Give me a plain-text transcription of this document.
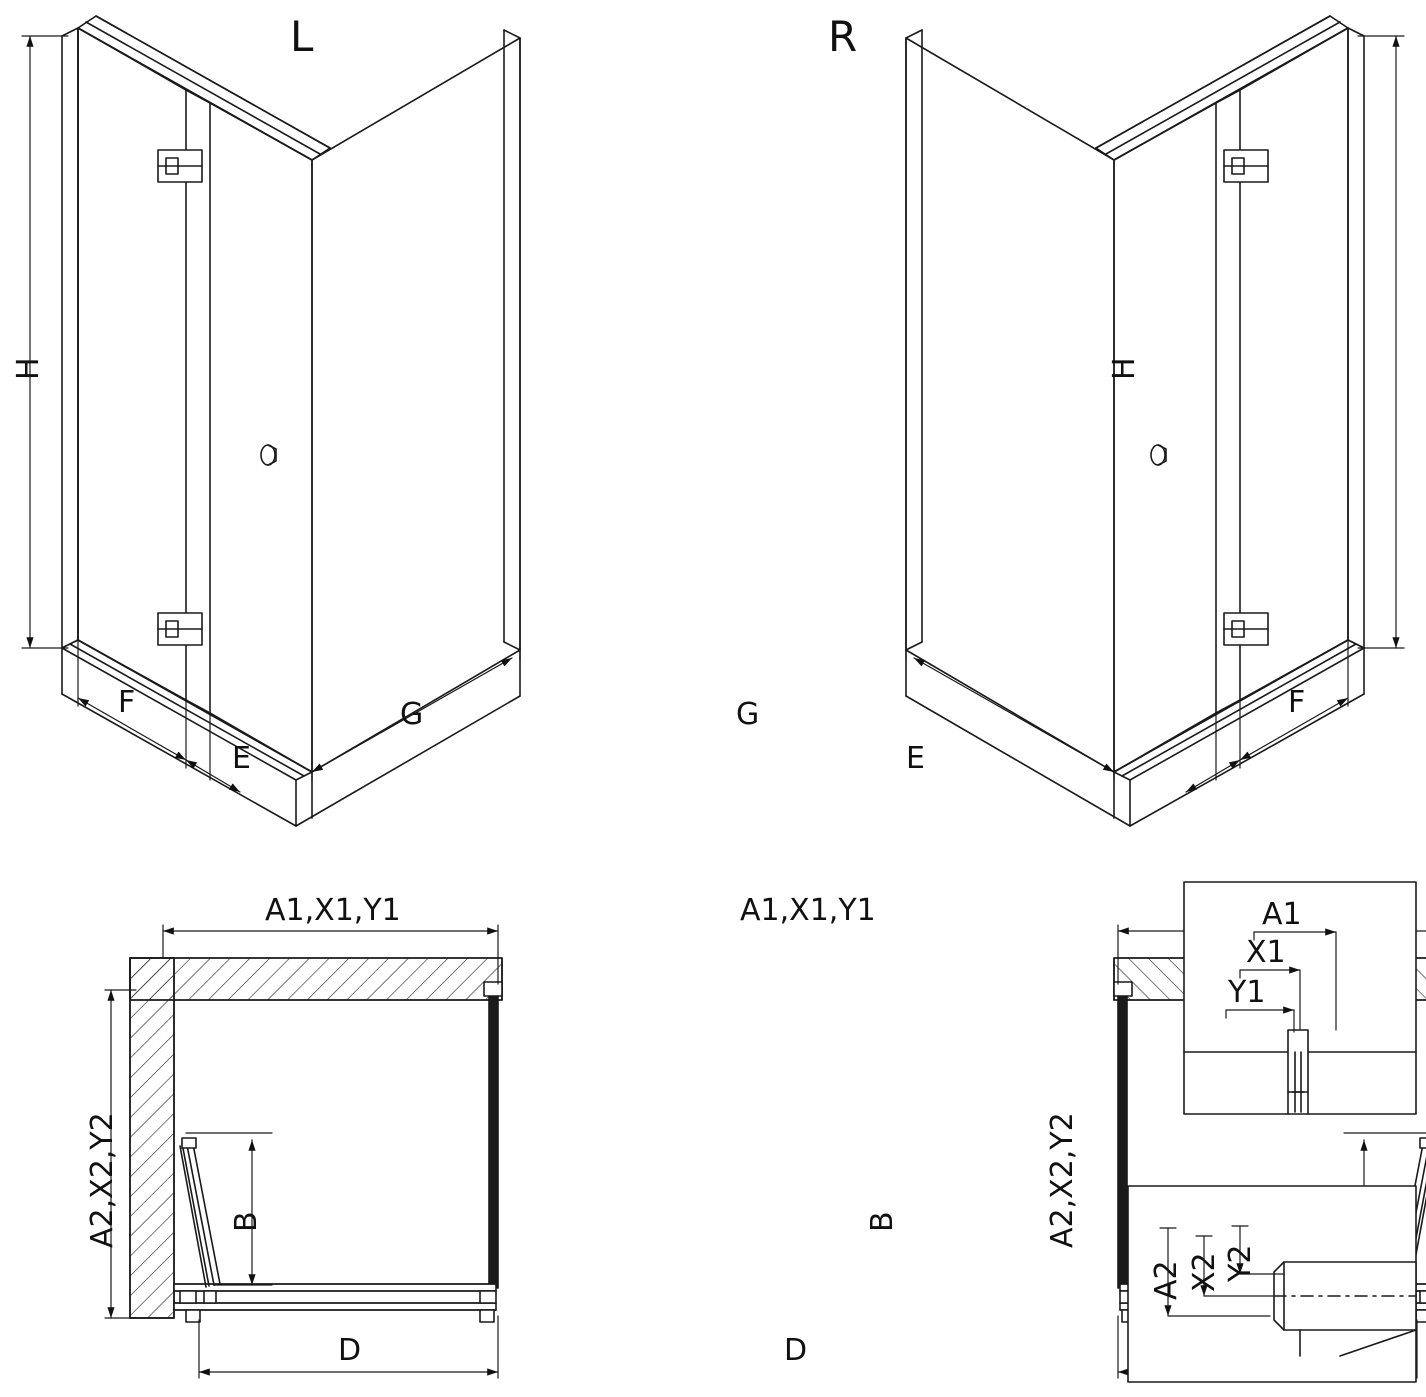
L	R
H	H
F
E
G	F
E
G
A1,X1,Y1	A1,X1,Y1
A2,X2,Y2	A2,X2,Y2
B	B
D	D
A1
X1
Y1
A2 X2 Y2
